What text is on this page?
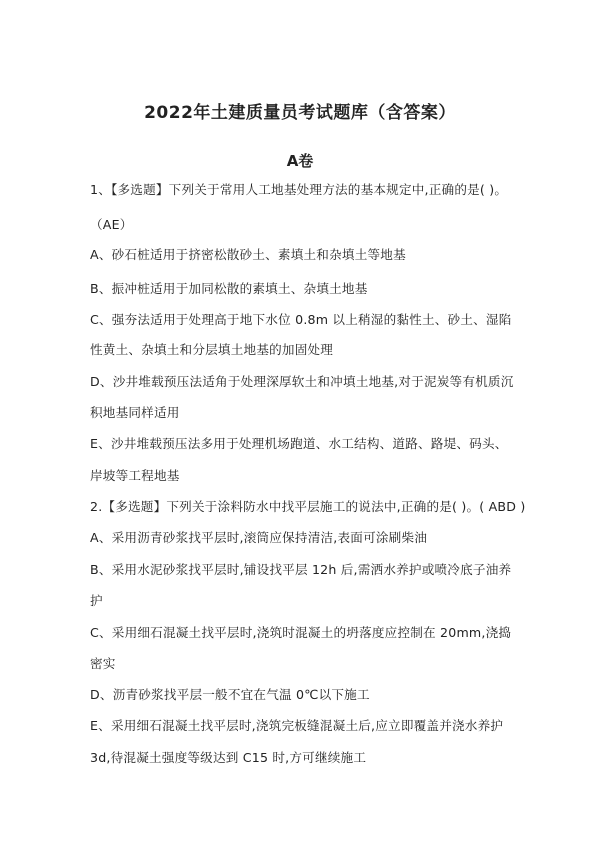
2022年土建质量员考试题库（含答案）
A卷
1、【多选题】下列关于常用人工地基处理方法的基本规定中,正确的是( )。
（AE）
A、砂石桩适用于挤密松散砂土、素填土和杂填土等地基
B、振冲桩适用于加同松散的素填土、杂填土地基
C、强夯法适用于处理高于地下水位 0.8m 以上稍湿的黏性土、砂土、湿陷
性黄土、杂填土和分层填土地基的加固处理
D、沙井堆载预压法适角于处理深厚软土和冲填土地基,对于泥炭等有机质沉
积地基同样适用
E、沙井堆载预压法多用于处理机场跑道、水工结构、道路、路堤、码头、
岸坡等工程地基
2.【多选题】下列关于涂料防水中找平层施工的说法中,正确的是( )。( ABD )
A、采用沥青砂浆找平层时,滚筒应保持清洁,表面可涂刷柴油
B、采用水泥砂浆找平层时,铺设找平层 12h 后,需洒水养护或喷冷底子油养
护
C、采用细石混凝土找平层时,浇筑时混凝土的坍落度应控制在 20mm,浇捣
密实
D、沥青砂浆找平层一般不宜在气温 0℃以下施工
E、采用细石混凝土找平层时,浇筑完板缝混凝土后,应立即覆盖并浇水养护
3d,待混凝土强度等级达到 C15 时,方可继续施工
